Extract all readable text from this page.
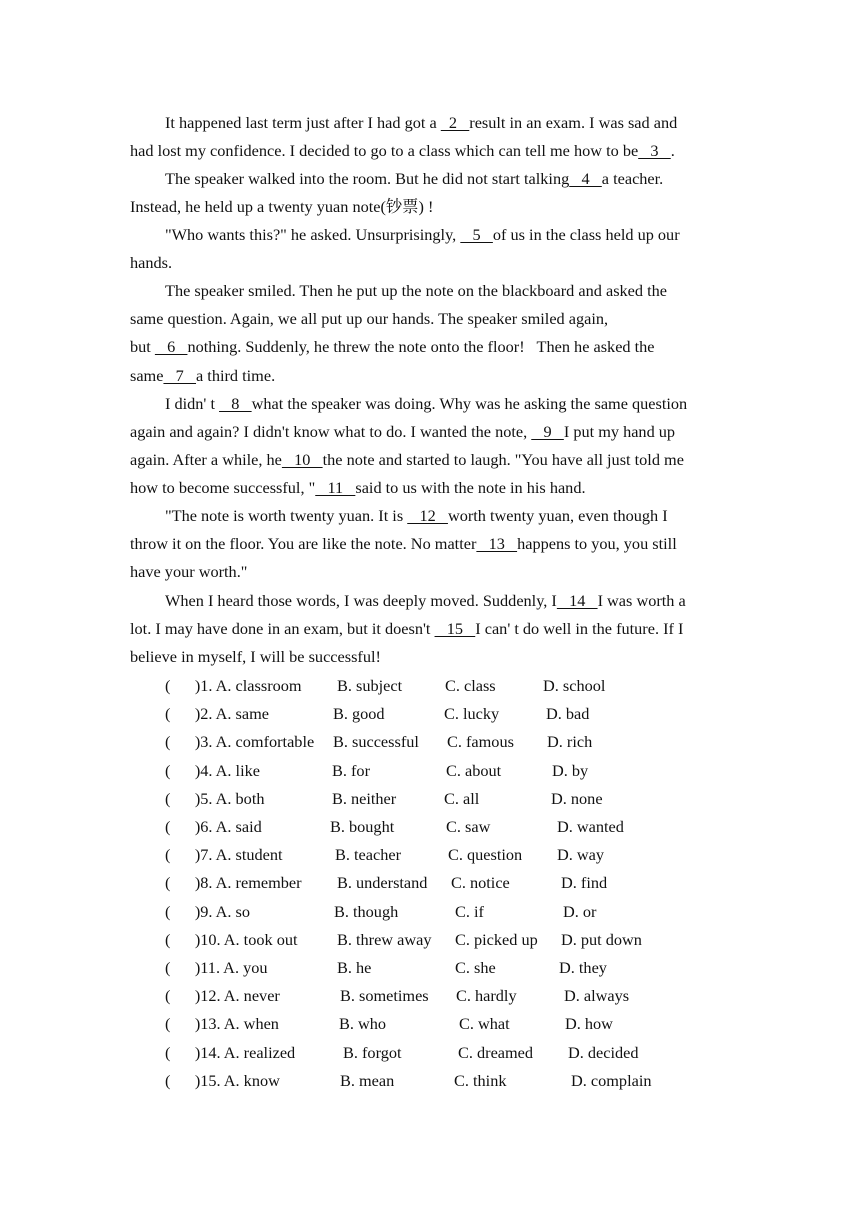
It happened last term just after I had got a   2   result in an exam. I was sad and
had lost my confidence. I decided to go to a class which can tell me how to be   3   .
The speaker walked into the room. But he did not start talking   4   a teacher.
Instead, he held up a twenty yuan note(钞票) !
"Who wants this?" he asked. Unsurprisingly,    5   of us in the class held up our
hands.
The speaker smiled. Then he put up the note on the blackboard and asked the
same question. Again, we all put up our hands. The speaker smiled again,
but    6   nothing. Suddenly, he threw the note onto the floor!   Then he asked the
same   7   a third time.
I didn' t    8   what the speaker was doing. Why was he asking the same question
again and again? I didn't know what to do. I wanted the note,    9   I put my hand up
again. After a while, he   10   the note and started to laugh. "You have all just told me
how to become successful, "   11   said to us with the note in his hand.
"The note is worth twenty yuan. It is    12   worth twenty yuan, even though I
throw it on the floor. You are like the note. No matter   13   happens to you, you still
have your worth."
When I heard those words, I was deeply moved. Suddenly, I   14   I was worth a
lot. I may have done in an exam, but it doesn't    15   I can' t do well in the future. If I
believe in myself, I will be successful!
(      )1. A. classroom B. subject	C. class	D. school
(      )2. A. same	B. good	C. lucky	D. bad
(      )3. A. comfortable B. successful C. famous D. rich
(      )4. A. like	B. for	C. about	D. by
(      )5. A. both	B. neither	C. all	D. none
(      )6. A. said	B. bought	C. saw	D. wanted
(      )7. A. student	B. teacher	C. question D. way
(      )8. A. remember B. understand C. notice	D. find
(      )9. A. so	B. though	C. if	D. or
(      )10. A. took out B. threw away C. picked up D. put down
(      )11. A. you	B. he	C. she	D. they
(      )12. A. never	B. sometimes C. hardly	D. always
(      )13. A. when	B. who	C. what	D. how
(      )14. A. realized	B. forgot	C. dreamed D. decided
(      )15. A. know	B. mean	C. think	D. complain
